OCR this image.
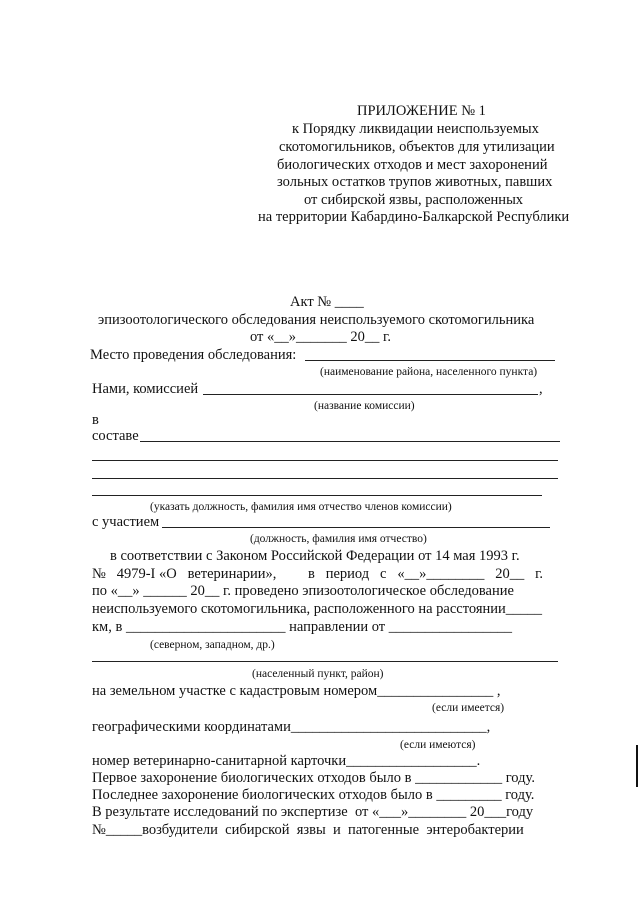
ПРИЛОЖЕНИЕ № 1
к Порядку ликвидации неиспользуемых
скотомогильников, объектов для утилизации
биологических отходов и мест захоронений
зольных остатков трупов животных, павших
от сибирской язвы, расположенных
на территории Кабардино-Балкарской Республики
Акт № ____
эпизоотологического обследования неиспользуемого скотомогильника
от «__»_______ 20__ г.
Место проведения обследования:
(наименование района, населенного пункта)
Нами, комиссией	,
(название комиссии)
в
составе
(указать должность, фамилия имя отчество членов комиссии)
с участием
(должность, фамилия имя отчество)
в соответствии с Законом Российской Федерации от 14 мая 1993 г.
№   4979-I «О   ветеринарии», в   период   с   «__»________   20__   г.
по «__» ______ 20__ г. проведено эпизоотологическое обследование
неиспользуемого скотомогильника, расположенного на расстоянии_____
км, в ______________________ направлении от _________________
(северном, западном, др.)
(населенный пункт, район)
на земельном участке с кадастровым номером________________ ,
(если имеется)
географическими координатами___________________________,
(если имеются)
номер ветеринарно-санитарной карточки__________________.
Первое захоронение биологических отходов было в ____________ году.
Последнее захоронение биологических отходов было в _________ году.
В результате исследований по экспертизе  от «___»________ 20___году
№_____возбудители  сибирской  язвы  и  патогенные  энтеробактерии
